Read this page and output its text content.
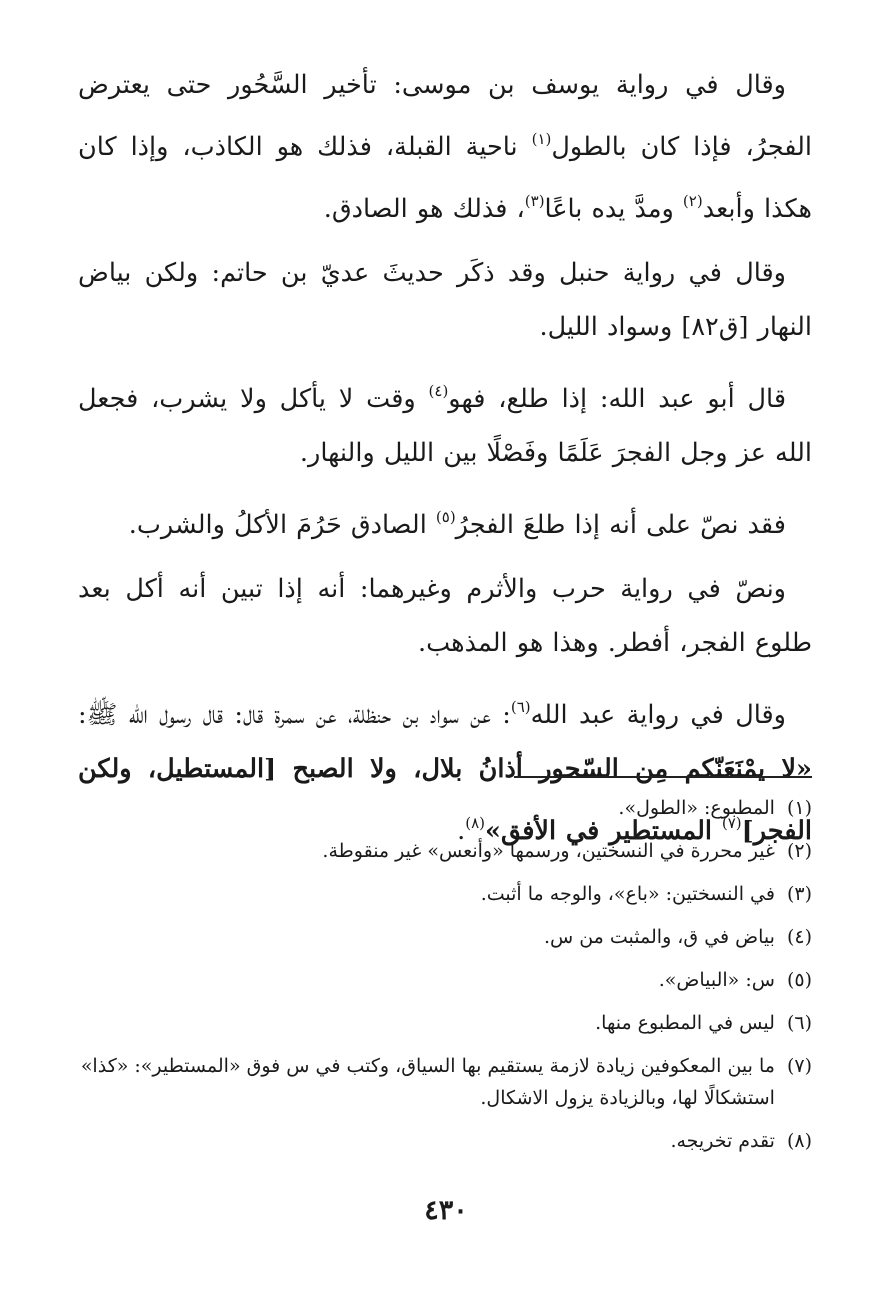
وقال في رواية يوسف بن موسى: تأخير السَّحُور حتى يعترض الفجرُ، فإذا كان بالطول$^{(١)}$ ناحية القبلة، فذلك هو الكاذب، وإذا كان هكذا وأبعد$^{(٢)}$ ومدَّ يده باعًا$^{(٣)}$، فذلك هو الصادق.

وقال في رواية حنبل وقد ذكَر حديثَ عديّ بن حاتم: ولكن بياض النهار [ق٨٢] وسواد الليل.

قال أبو عبد الله: إذا طلع، فهو$^{(٤)}$ وقت لا يأكل ولا يشرب، فجعل الله عز وجل الفجرَ عَلَمًا وفَصْلًا بين الليل والنهار.

فقد نصّ على أنه إذا طلعَ الفجرُ$^{(٥)}$ الصادق حَرُمَ الأكلُ والشرب.

ونصّ في رواية حرب والأثرم وغيرهما: أنه إذا تبين أنه أكل بعد طلوع الفجر، أفطر. وهذا هو المذهب.

وقال في رواية عبد الله$^{(٦)}$: عن سواد بن حنظلة، عن سمرة قال: قال رسول الله ﷺ: «لا يمْنَعَنّكم مِن السّحور أذانُ بلال، ولا الصبح [المستطيل، ولكن الفجر]$^{(٧)}$ المستطير في الأفق»$^{(٨)}$.

(١)
المطبوع: «الطول».
(٢)
غير محررة في النسختين، ورسمها «وأنعس» غير منقوطة.
(٣)
في النسختين: «باع»، والوجه ما أثبت.
(٤)
بياض في ق، والمثبت من س.
(٥)
س: «البياض».
(٦)
ليس في المطبوع منها.
(٧)
ما بين المعكوفين زيادة لازمة يستقيم بها السياق، وكتب في س فوق «المستطير»: «كذا» استشكالًا لها، وبالزيادة يزول الاشكال.
(٨)
تقدم تخريجه.
٤٣٠
